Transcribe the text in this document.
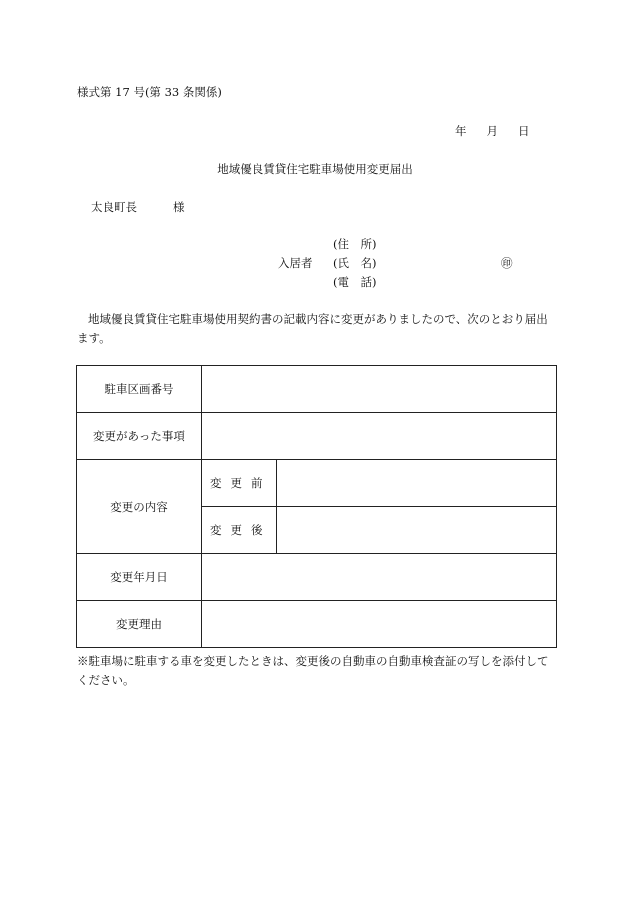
様式第 17 号(第 33 条関係)
年 月 日
地域優良賃貸住宅駐車場使用変更届出
太良町長	様
(住　所)
入居者 (氏　名)	㊞
(電　話)
地域優良賃貸住宅駐車場使用契約書の記載内容に変更がありましたので、次のとおり届出ます。
駐車区画番号		
変更があった事項		
変更の内容	変更前	
	変更後	
変更年月日		
変更理由		
※駐車場に駐車する車を変更したときは、変更後の自動車の自動車検査証の写しを添付してください。
